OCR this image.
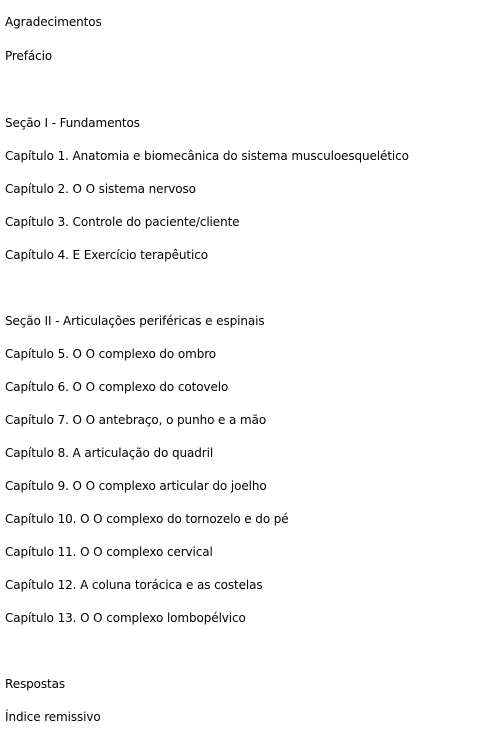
Agradecimentos
Prefácio
Seção I - Fundamentos
Capítulo 1. Anatomia e biomecânica do sistema musculoesquelético
Capítulo 2. O O sistema nervoso
Capítulo 3. Controle do paciente/cliente
Capítulo 4. E Exercício terapêutico
Seção II - Articulações periféricas e espinais
Capítulo 5. O O complexo do ombro
Capítulo 6. O O complexo do cotovelo
Capítulo 7. O O antebraço, o punho e a mão
Capítulo 8. A articulação do quadril
Capítulo 9. O O complexo articular do joelho
Capítulo 10. O O complexo do tornozelo e do pé
Capítulo 11. O O complexo cervical
Capítulo 12. A coluna torácica e as costelas
Capítulo 13. O O complexo lombopélvico
Respostas
Índice remissivo
